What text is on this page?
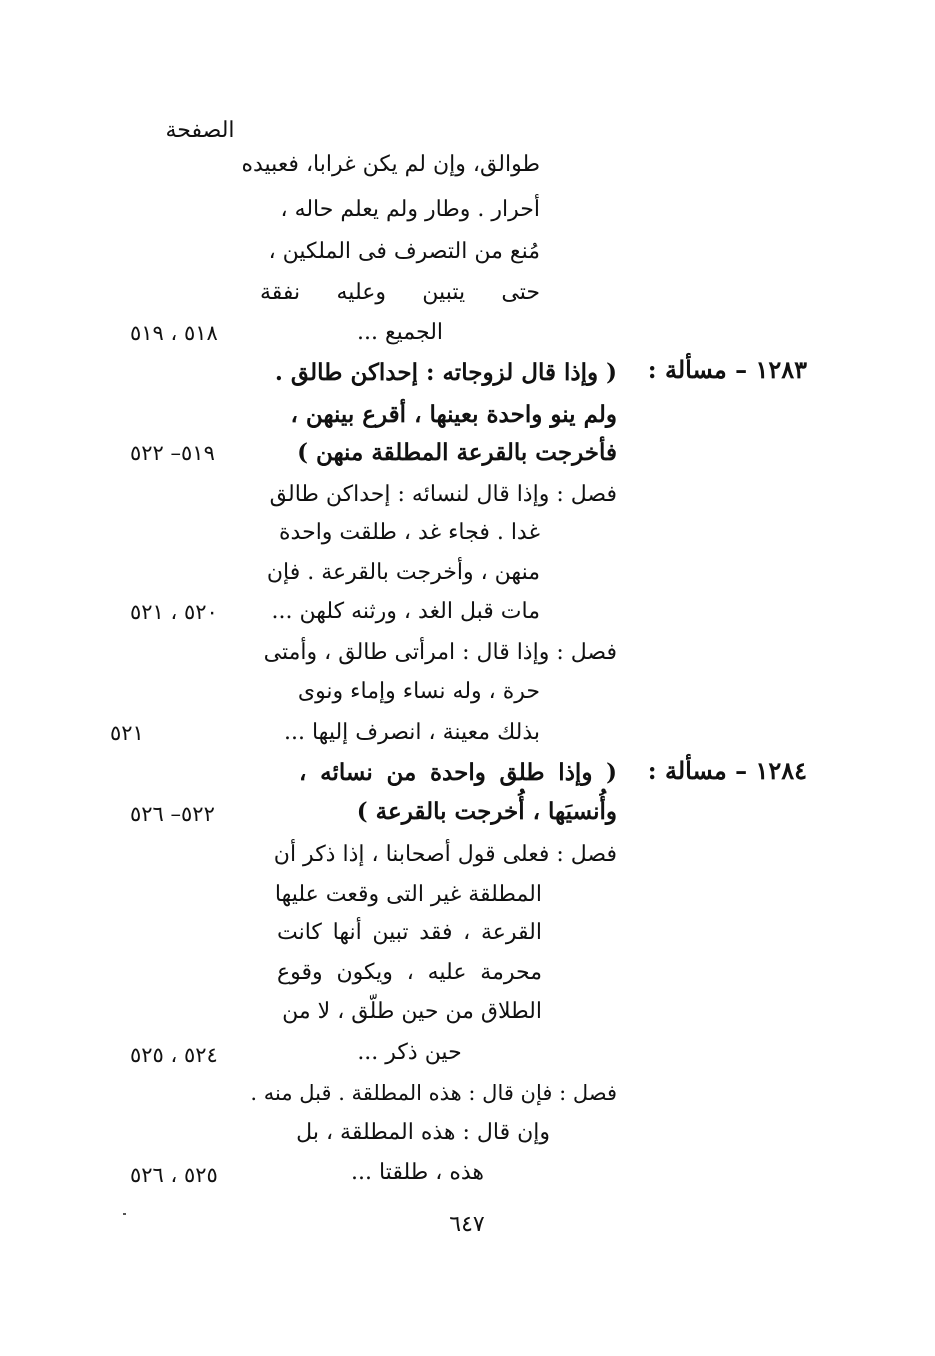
الصفحة
طوالق، وإن لم يكن غرابا، فعبيده
أحرار . وطار ولم يعلم حاله ،
مُنع من التصرف فى الملكين ،
حتى يتبين وعليه نفقة
الجميع ...
٥١٨ ، ٥١٩
١٢٨٣ – مسألة :
( وإذا قال لزوجاته : إحداكن طالق .
ولم ينو واحدة بعينها ، أقرع بينهن ،
فأخرجت بالقرعة المطلقة منهن )
٥١٩– ٥٢٢
فصل : وإذا قال لنسائه : إحداكن طالق
غدا . فجاء غد ، طلقت واحدة
منهن ، وأخرجت بالقرعة . فإن
مات قبل الغد ، ورثنه كلهن ...
٥٢٠ ، ٥٢١
فصل : وإذا قال : امرأتى طالق ، وأمتى
حرة ، وله نساء وإماء ونوى
بذلك معينة ، انصرف إليها ...
٥٢١
١٢٨٤ – مسألة :
( وإذا طلق واحدة من نسائه ،
وأُنسيَها ، أُخرجت بالقرعة )
٥٢٢– ٥٢٦
فصل : فعلى قول أصحابنا ، إذا ذكر أن
المطلقة غير التى وقعت عليها
القرعة ، فقد تبين أنها كانت
محرمة عليه ، ويكون وقوع
الطلاق من حين طلّق ، لا من
حين ذكر ...
٥٢٤ ، ٥٢٥
فصل : فإن قال : هذه المطلقة . قبل منه .
وإن قال : هذه المطلقة ، بل
هذه ، طلقتا ...
٥٢٥ ، ٥٢٦
٦٤٧
